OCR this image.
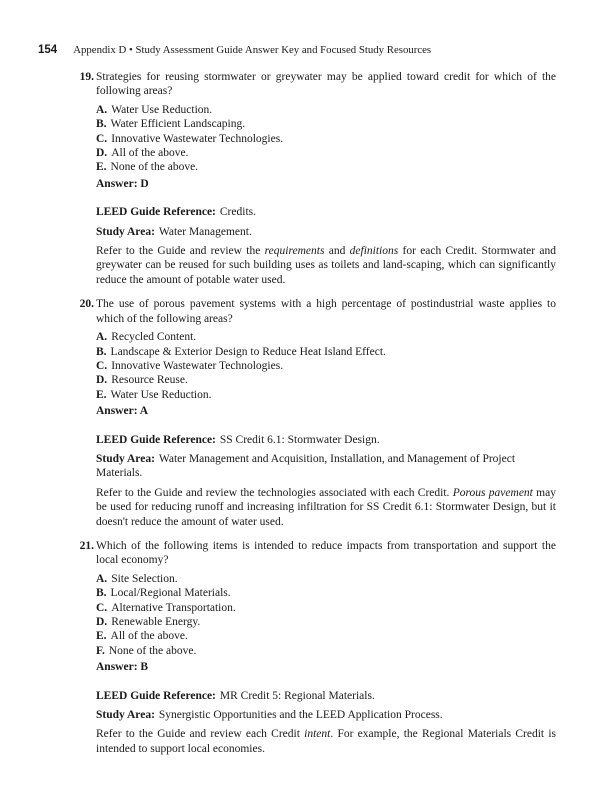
154 Appendix D • Study Assessment Guide Answer Key and Focused Study Resources
19. Strategies for reusing stormwater or greywater may be applied toward credit for which of the following areas?
A. Water Use Reduction.
B. Water Efficient Landscaping.
C. Innovative Wastewater Technologies.
D. All of the above.
E. None of the above.
Answer: D
LEED Guide Reference: Credits.
Study Area: Water Management.
Refer to the Guide and review the requirements and definitions for each Credit. Stormwater and greywater can be reused for such building uses as toilets and land-scaping, which can significantly reduce the amount of potable water used.
20. The use of porous pavement systems with a high percentage of postindustrial waste applies to which of the following areas?
A. Recycled Content.
B. Landscape & Exterior Design to Reduce Heat Island Effect.
C. Innovative Wastewater Technologies.
D. Resource Reuse.
E. Water Use Reduction.
Answer: A
LEED Guide Reference: SS Credit 6.1: Stormwater Design.
Study Area: Water Management and Acquisition, Installation, and Management of Project Materials.
Refer to the Guide and review the technologies associated with each Credit. Porous pavement may be used for reducing runoff and increasing infiltration for SS Credit 6.1: Stormwater Design, but it doesn't reduce the amount of water used.
21. Which of the following items is intended to reduce impacts from transportation and support the local economy?
A. Site Selection.
B. Local/Regional Materials.
C. Alternative Transportation.
D. Renewable Energy.
E. All of the above.
F. None of the above.
Answer: B
LEED Guide Reference: MR Credit 5: Regional Materials.
Study Area: Synergistic Opportunities and the LEED Application Process.
Refer to the Guide and review each Credit intent. For example, the Regional Materials Credit is intended to support local economies.
